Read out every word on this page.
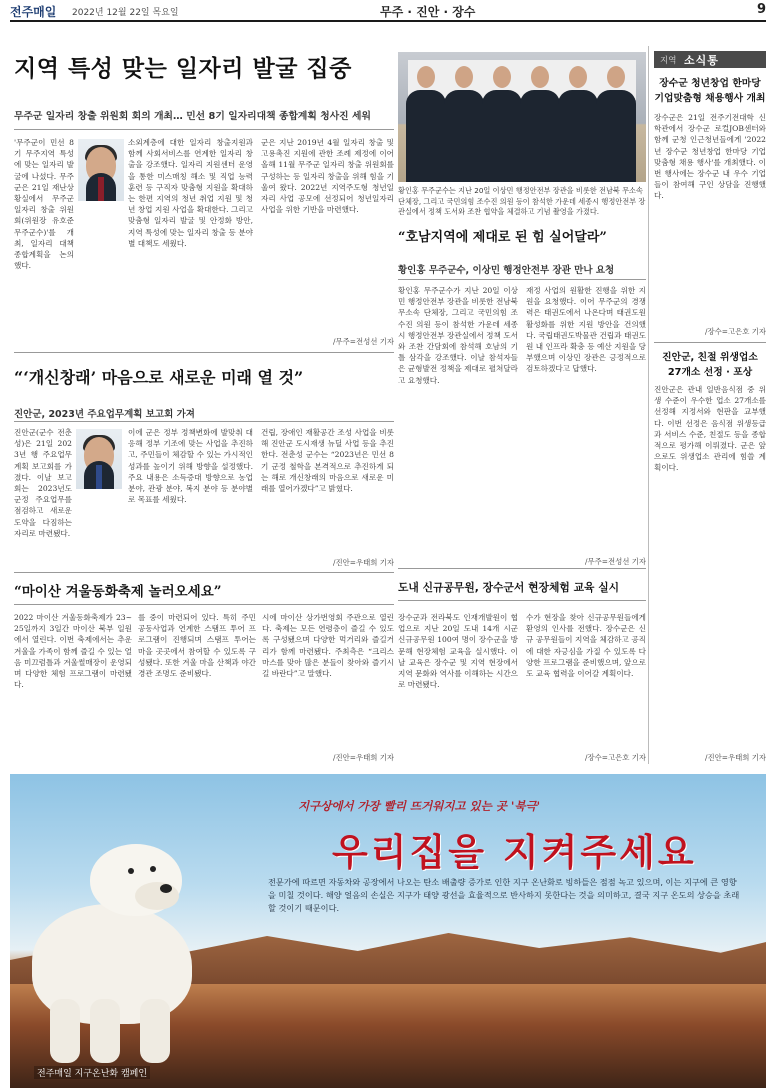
전주매일 2022년 12월 22일 목요일	무주 · 진안 · 장수	9
지역 특성 맞는 일자리 발굴 집중
무주군 일자리 창출 위원회 회의 개최… 민선 8기 일자리대책 종합계획 청사진 세워
'무주군이 민선 8기 무주지역 특성에 맞는 일자리 발굴에 나섰다. 무주군은 21일 재난상황실에서 무주군 일자리 창출 위원회(위원장 유호준 무주군수)'를 개최, 일자리 대책 종합계획을 논의했다.
소외계층에 대한 일자리 창출지원과 함께 사회서비스를 연계한 일자리 창출을 강조했다. 일자리 지원센터 운영을 통한 미스매칭 해소 및 직업 능력 훈련 등 구직자 맞춤형 지원을 확대하는 한편 지역의 청년 취업 지원 및 청년 창업 지원 사업을 확대한다. 그리고 맞춤형 일자리 발굴 및 안정화 방안, 지역 특성에 맞는 일자리 창출 등 분야별 대책도 세웠다.
군은 지난 2019년 4월 일자리 창출 및 고용촉진 지원에 관한 조례 제정에 이어 올해 11월 무주군 일자리 창출 위원회를 구성하는 등 일자리 창출을 위해 힘을 기울여 왔다. 2022년 지역주도형 청년일자리 사업 공모에 선정되어 청년일자리 사업을 위한 기반을 마련했다.
/무주=전성선 기자
황인홍 무주군수는 지난 20일 이상민 행정안전부 장관을 비롯한 전남북 무소속 단체장, 그리고 국민의힘 조수진 의원 등이 참석한 가운데 세종시 행정안전부 장관실에서 정책 도서와 조찬 협약을 체결하고 기념 촬영을 가졌다.
“호남지역에 제대로 된 힘 실어달라”
황인홍 무주군수, 이상민 행정안전부 장관 만나 요청
황인홍 무주군수가 지난 20일 이상민 행정안전부 장관을 비롯한 전남북 무소속 단체장, 그리고 국민의힘 조수진 의원 등이 참석한 가운데 세종시 행정안전부 장관실에서 정책 도서와 조찬 간담회에 참석해 호남의 기틀 삼각을 강조했다. 이날 참석자들은 균형발전 정책을 제대로 펼쳐달라고 요청했다.
재정 사업의 원활한 진행을 위한 지원을 요청했다. 이어 무주군의 경쟁력은 태권도에서 나온다며 태권도원 활성화를 위한 지원 방안을 건의했다. 국립태권도박물관 건립과 태권도원 내 인프라 확충 등 예산 지원을 당부했으며 이상민 장관은 긍정적으로 검토하겠다고 답했다.
/무주=전성선 기자
“‘개신창래’ 마음으로 새로운 미래 열 것”
진안군, 2023년 주요업무계획 보고회 가져
진안군(군수 전춘성)은 21일 2023년 행 주요업무계획 보고회를 가졌다. 이날 보고회는 2023년도 군정 주요업무를 점검하고 새로운 도약을 다짐하는 자리로 마련됐다.
이에 군은 정부 정책변화에 발맞춰 대응해 정부 기조에 맞는 사업을 추진하고, 주민들이 체감할 수 있는 가시적인 성과를 높이기 위해 방향을 설정했다. 주요 내용은 소득증대 방향으로 농업 분야, 관광 분야, 복지 분야 등 분야별로 목표를 세웠다.
건립, 장애인 재활공간 조성 사업을 비롯해 진안군 도시재생 뉴딜 사업 등을 추진한다. 전춘성 군수는 “2023년은 민선 8기 군정 철학을 본격적으로 추진하게 되는 해로 개신창래의 마음으로 새로운 미래를 열어가겠다”고 밝혔다.
/진안=우태희 기자
“마이산 겨울동화축제 놀러오세요”
2022 마이산 겨울동화축제가 23~25일까지 3일간 마이산 북부 일원에서 열린다. 이번 축제에서는 추운 겨울을 가족이 함께 즐길 수 있는 얼음 미끄럼틀과 겨울썰매장이 운영되며 다양한 체험 프로그램이 마련됐다.
를 중이 마련되어 있다. 특히 주민 공동사업과 연계한 스탬프 투어 프로그램이 진행되며 스탬프 투어는 마을 곳곳에서 참여할 수 있도록 구성됐다. 또한 겨울 마을 산책과 야간 경관 조명도 준비됐다.
시에 마이산 상가번영회 주관으로 열린다. 축제는 모든 연령층이 즐길 수 있도록 구성됐으며 다양한 먹거리와 즐길거리가 함께 마련됐다. 주최측은 “크리스마스를 맞아 많은 분들이 찾아와 즐기시길 바란다”고 말했다.
/진안=우태희 기자
도내 신규공무원, 장수군서 현장체험 교육 실시
장수군과 전라북도 인재개발원이 협업으로 지난 20일 도내 14개 시군 신규공무원 100여 명이 장수군을 방문해 현장체험 교육을 실시했다. 이날 교육은 장수군 및 지역 현장에서 지역 문화와 역사를 이해하는 시간으로 마련됐다.
수가 현장을 찾아 신규공무원들에게 환영의 인사를 전했다. 장수군은 신규 공무원들이 지역을 체감하고 공직에 대한 자긍심을 가질 수 있도록 다양한 프로그램을 준비했으며, 앞으로도 교육 협력을 이어갈 계획이다.
/장수=고은호 기자
지역 소식통
장수군 청년창업 한마당 기업맞춤형 채용행사 개최
장수군은 21일 전주기전대학 신학관에서 장수군 로컬JOB센터와 함께 군청 인근청년들에게 '2022년 장수군 청년창업 한마당 기업맞춤형 채용 행사'를 개최했다. 이번 행사에는 장수군 내 우수 기업들이 참여해 구인 상담을 진행했다.
/장수=고은호 기자
진안군, 친절 위생업소 27개소 선정 · 포상
진안군은 관내 일반음식점 중 위생 수준이 우수한 업소 27개소를 선정해 지정서와 현판을 교부했다. 이번 선정은 음식점 위생등급과 서비스 수준, 친절도 등을 종합적으로 평가해 이뤄졌다. 군은 앞으로도 위생업소 관리에 힘쓸 계획이다.
/진안=우태희 기자
지구상에서 가장 빨리 뜨거워지고 있는 곳 '북극'
우리집을 지켜주세요
전문가에 따르면 자동차와 공장에서 나오는 탄소 배출량 증가로 인한 지구 온난화로 빙하들은 점점 녹고 있으며, 이는 지구에 큰 영향을 미칠 것이다. 해양 얼음의 손실은 지구가 태양 광선을 효율적으로 반사하지 못한다는 것을 의미하고, 결국 지구 온도의 상승을 초래할 것이기 때문이다.
전주매일 지구온난화 캠페인
